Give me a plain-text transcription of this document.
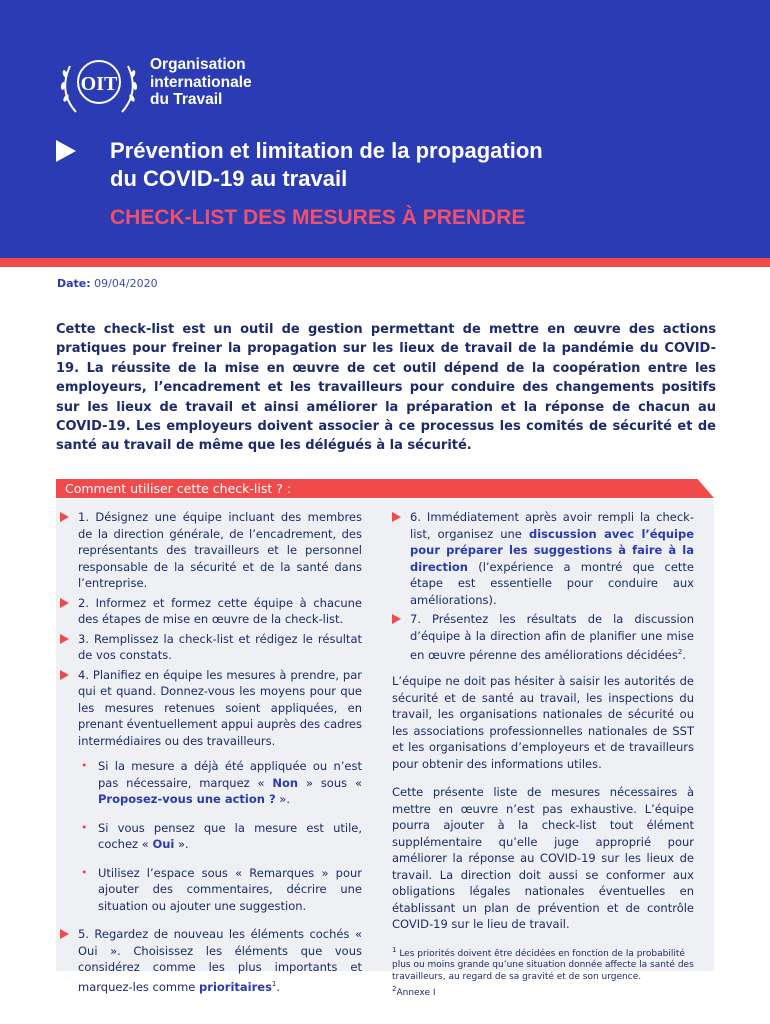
OIT
Organisation
internationale
du Travail
Prévention et limitation de la propagation
du COVID-19 au travail
CHECK-LIST DES MESURES À PRENDRE
Date: 09/04/2020
Cette check-list est un outil de gestion permettant de mettre en œuvre des actions pratiques pour freiner la propagation sur les lieux de travail de la pandémie du COVID-19. La réussite de la mise en œuvre de cet outil dépend de la coopération entre les employeurs, l’encadrement et les travailleurs pour conduire des changements positifs sur les lieux de travail et ainsi améliorer la préparation et la réponse de chacun au COVID-19. Les employeurs doivent associer à ce processus les comités de sécurité et de santé au travail de même que les délégués à la sécurité.
Comment utiliser cette check-list ? :
1. Désignez une équipe incluant des membres de la direction générale, de l’encadrement, des représentants des travailleurs et le personnel responsable de la sécurité et de la santé dans l’entreprise.
2. Informez et formez cette équipe à chacune des étapes de mise en œuvre de la check-list.
3. Remplissez la check-list et rédigez le résultat de vos constats.
4. Planifiez en équipe les mesures à prendre, par qui et quand. Donnez-vous les moyens pour que les mesures retenues soient appliquées, en prenant éventuellement appui auprès des cadres intermédiaires ou des travailleurs.
• Si la mesure a déjà été appliquée ou n’est pas nécessaire, marquez « Non » sous « Proposez-vous une action ? ».
• Si vous pensez que la mesure est utile, cochez « Oui ».
• Utilisez l’espace sous « Remarques » pour ajouter des commentaires, décrire une situation ou ajouter une suggestion.
5. Regardez de nouveau les éléments cochés « Oui ». Choisissez les éléments que vous considérez comme les plus importants et marquez-les comme prioritaires$^1$.
6. Immédiatement après avoir rempli la check-list, organisez une discussion avec l’équipe pour préparer les suggestions à faire à la direction (l’expérience a montré que cette étape est essentielle pour conduire aux améliorations).
7. Présentez les résultats de la discussion d’équipe à la direction afin de planifier une mise en œuvre pérenne des améliorations décidées$^2$.
L’équipe ne doit pas hésiter à saisir les autorités de sécurité et de santé au travail, les inspections du travail, les organisations nationales de sécurité ou les associations professionnelles nationales de SST et les organisations d’employeurs et de travailleurs pour obtenir des informations utiles.
Cette présente liste de mesures nécessaires à mettre en œuvre n’est pas exhaustive. L’équipe pourra ajouter à la check-list tout élément supplémentaire qu’elle juge approprié pour améliorer la réponse au COVID-19 sur les lieux de travail. La direction doit aussi se conformer aux obligations légales nationales éventuelles en établissant un plan de prévention et de contrôle COVID-19 sur le lieu de travail.
$^1$ Les priorités doivent être décidées en fonction de la probabilité plus ou moins grande qu’une situation donnée affecte la santé des travailleurs, au regard de sa gravité et de son urgence.
$^2$Annexe I
